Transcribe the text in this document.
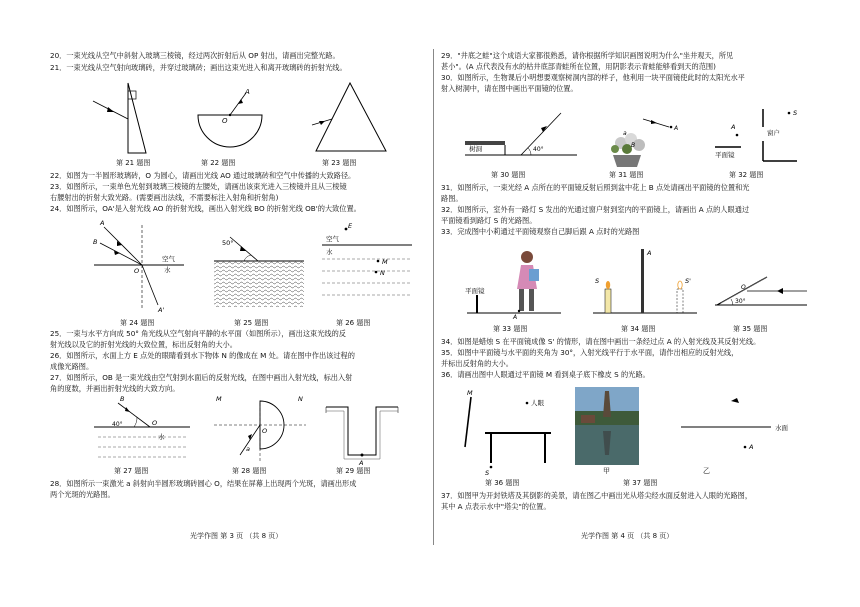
20．一束光线从空气中斜射入玻璃三棱镜，经过两次折射后从 OP 射出，请画出完整光路。
21．一束光线从空气射向玻璃砖，并穿过玻璃砖；画出这束光进入和离开玻璃砖的折射光线。
第 21 题图
A
O
第 22 题图	第 23 题图
22．如图为一半圆形玻璃砖，O 为圆心，请画出光线 AO 通过玻璃砖和空气中传播的大致路径。
23．如图所示，一束单色光射到玻璃三棱镜的左腰处，请画出该束光进入三棱镜并且从三棱镜
右腰射出的折射大致光路。(需要画出法线，不需要标注入射角和折射角)
24．如图所示，OA'是入射光线 AO 的折射光线，画出入射光线 BO 的折射光线 OB'的大致位置。
A
B
O
A'
空气
水
第 24 题图
50°
第 25 题图
E
M
N
空气
水
第 26 题图
25．一束与水平方向成 50° 角光线从空气射向平静的水平面（如图所示），画出这束光线的反
射光线以及它的折射光线的大致位置，标出反射角的大小。
26．如图所示，水面上方 E 点处的眼睛看到水下物体 N 的像成在 M 处。请在图中作出该过程的
成像光路图。
27．如图所示，OB 是一束光线由空气射到水面后的反射光线，在图中画出入射光线，标出入射
角的度数，并画出折射光线的大致方向。
B
O
40°
水
第 27 题图
M	N
a
O
第 28 题图
A
第 29 题图
28．如图所示一束激光 a 斜射向半圆形玻璃砖圆心 O，结果在屏幕上出现两个光斑，请画出形成
两个光斑的光路图。
光学作图 第 3 页 （共 8 页）
29．"井底之蛙"这个成语大家都很熟悉，请你根据所学知识画图说明为什么"坐井观天，所见
甚小"。(A 点代表没有水的枯井底部青蛙所在位置，用阴影表示青蛙能够看到天的范围)
30．如图所示，生物课后小明想要观察树洞内部的样子，他利用一块平面镜使此时的太阳光水平
射入树洞中，请在图中画出平面镜的位置。
树洞	40°
第 30 题图
A
a
B
第 31 题图
S
A
窗户
平面镜
第 32 题图
31．如图所示，一束光经 A 点所在的平面镜反射后照到盆中花上 B 点处请画出平面镜的位置和光
路图。
32．如图所示，室外有一路灯 S 发出的光通过窗户射到室内的平面镜上，请画出 A 点的人眼通过
平面镜看到路灯 S 的光路图。
33．完成图中小莉通过平面镜观察自己脚后跟 A 点时的光路图
平面镜
A
第 33 题图
A
S	S'
第 34 题图
O
30°
第 35 题图
34．如图是蜡烛 S 在平面镜成像 S' 的情形，请在图中画出一条经过点 A 的入射光线及其反射光线。
35．如图中平面镜与水平面的夹角为 30°，入射光线平行于水平面，请作出相应的反射光线，
并标出反射角的大小。
36．请画出图中人眼通过平面镜 M 看到桌子底下橡皮 S 的光路。
M
人眼
S
第 36 题图
甲
A
水面
乙
第 37 题图
37．如图甲为开封铁塔及其倒影的美景，请在图乙中画出光从塔尖经水面反射进入人眼的光路图，
其中 A 点表示水中"塔尖"的位置。
光学作图 第 4 页 （共 8 页）
